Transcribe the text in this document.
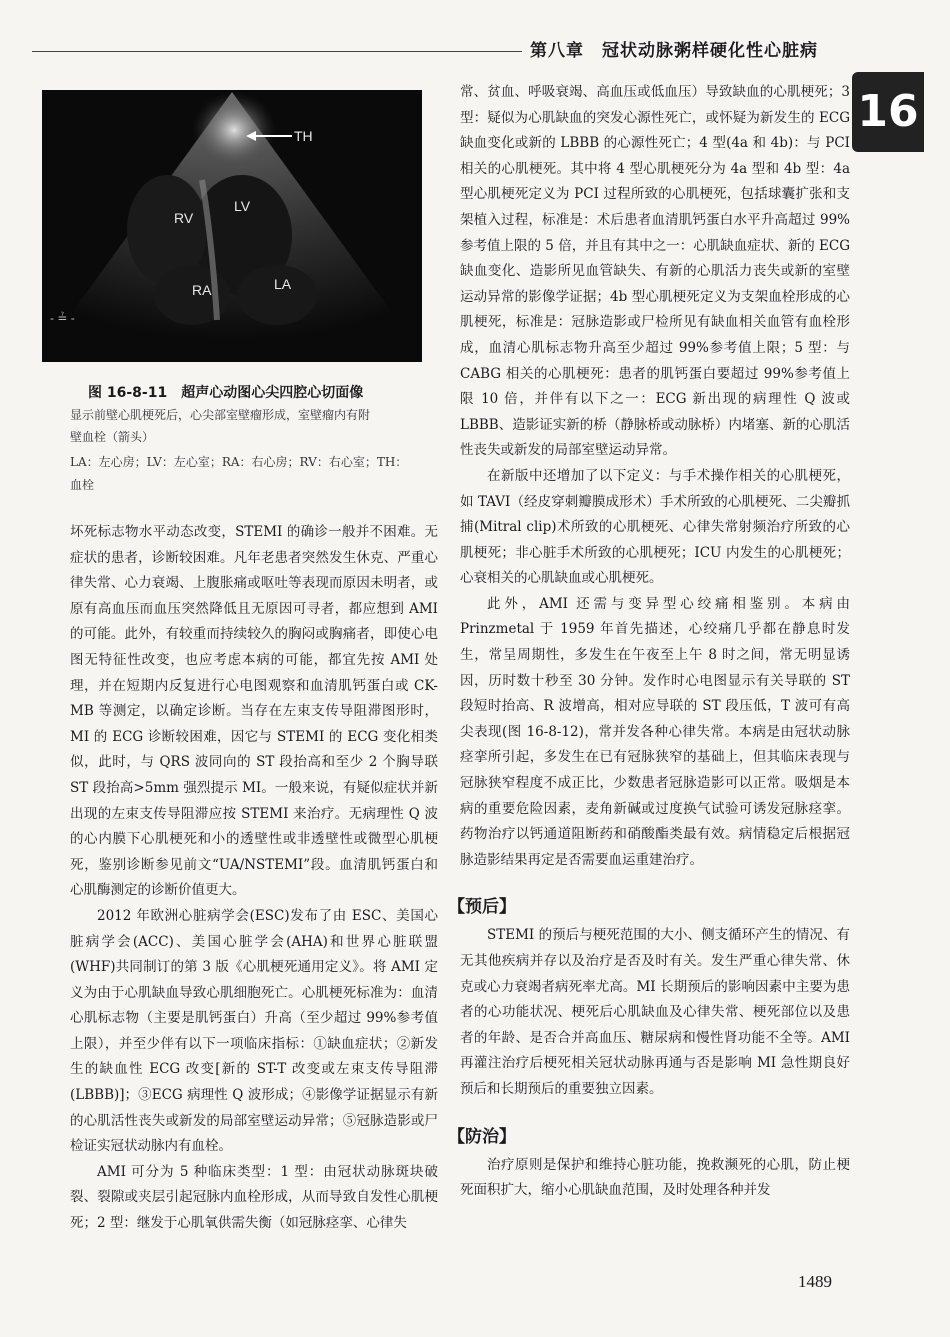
第八章　冠状动脉粥样硬化性心脏病
16
- ≟ -
TH
LV
RV
RA	LA
图 16-8-11　超声心动图心尖四腔心切面像
显示前壁心肌梗死后，心尖部室壁瘤形成，室壁瘤内有附
壁血栓（箭头）
LA：左心房；LV：左心室；RA：右心房；RV：右心室；TH：
血栓

坏死标志物水平动态改变，STEMI 的确诊一般并不困难。无症状的患者，诊断较困难。凡年老患者突然发生休克、严重心律失常、心力衰竭、上腹胀痛或呕吐等表现而原因未明者，或原有高血压而血压突然降低且无原因可寻者，都应想到 AMI 的可能。此外，有较重而持续较久的胸闷或胸痛者，即使心电图无特征性改变，也应考虑本病的可能，都宜先按 AMI 处理，并在短期内反复进行心电图观察和血清肌钙蛋白或 CK-MB 等测定，以确定诊断。当存在左束支传导阻滞图形时，MI 的 ECG 诊断较困难，因它与 STEMI 的 ECG 变化相类似，此时，与 QRS 波同向的 ST 段抬高和至少 2 个胸导联 ST 段抬高>5mm 强烈提示 MI。一般来说，有疑似症状并新出现的左束支传导阻滞应按 STEMI 来治疗。无病理性 Q 波的心内膜下心肌梗死和小的透壁性或非透壁性或微型心肌梗死，鉴别诊断参见前文“UA/NSTEMI”段。血清肌钙蛋白和心肌酶测定的诊断价值更大。

2012 年欧洲心脏病学会(ESC)发布了由 ESC、美国心脏病学会(ACC)、美国心脏学会(AHA)和世界心脏联盟(WHF)共同制订的第 3 版《心肌梗死通用定义》。将 AMI 定义为由于心肌缺血导致心肌细胞死亡。心肌梗死标准为：血清心肌标志物（主要是肌钙蛋白）升高（至少超过 99%参考值上限），并至少伴有以下一项临床指标：①缺血症状；②新发生的缺血性 ECG 改变[新的 ST-T 改变或左束支传导阻滞(LBBB)]；③ECG 病理性 Q 波形成；④影像学证据显示有新的心肌活性丧失或新发的局部室壁运动异常；⑤冠脉造影或尸检证实冠状动脉内有血栓。

AMI 可分为 5 种临床类型：1 型：由冠状动脉斑块破裂、裂隙或夹层引起冠脉内血栓形成，从而导致自发性心肌梗死；2 型：继发于心肌氧供需失衡（如冠脉痉挛、心律失

常、贫血、呼吸衰竭、高血压或低血压）导致缺血的心肌梗死；3 型：疑似为心肌缺血的突发心源性死亡，或怀疑为新发生的 ECG 缺血变化或新的 LBBB 的心源性死亡；4 型(4a 和 4b)：与 PCI 相关的心肌梗死。其中将 4 型心肌梗死分为 4a 型和 4b 型：4a 型心肌梗死定义为 PCI 过程所致的心肌梗死，包括球囊扩张和支架植入过程，标准是：术后患者血清肌钙蛋白水平升高超过 99%参考值上限的 5 倍，并且有其中之一：心肌缺血症状、新的 ECG 缺血变化、造影所见血管缺失、有新的心肌活力丧失或新的室壁运动异常的影像学证据；4b 型心肌梗死定义为支架血栓形成的心肌梗死，标准是：冠脉造影或尸检所见有缺血相关血管有血栓形成，血清心肌标志物升高至少超过 99%参考值上限；5 型：与 CABG 相关的心肌梗死：患者的肌钙蛋白要超过 99%参考值上限 10 倍，并伴有以下之一：ECG 新出现的病理性 Q 波或 LBBB、造影证实新的桥（静脉桥或动脉桥）内堵塞、新的心肌活性丧失或新发的局部室壁运动异常。

在新版中还增加了以下定义：与手术操作相关的心肌梗死，如 TAVI（经皮穿刺瓣膜成形术）手术所致的心肌梗死、二尖瓣抓捕(Mitral clip)术所致的心肌梗死、心律失常射频治疗所致的心肌梗死；非心脏手术所致的心肌梗死；ICU 内发生的心肌梗死；心衰相关的心肌缺血或心肌梗死。

此外，AMI 还需与变异型心绞痛相鉴别。本病由 Prinzmetal 于 1959 年首先描述，心绞痛几乎都在静息时发生，常呈周期性，多发生在午夜至上午 8 时之间，常无明显诱因，历时数十秒至 30 分钟。发作时心电图显示有关导联的 ST 段短时抬高、R 波增高，相对应导联的 ST 段压低，T 波可有高尖表现(图 16-8-12)，常并发各种心律失常。本病是由冠状动脉痉挛所引起，多发生在已有冠脉狭窄的基础上，但其临床表现与冠脉狭窄程度不成正比，少数患者冠脉造影可以正常。吸烟是本病的重要危险因素，麦角新碱或过度换气试验可诱发冠脉痉挛。药物治疗以钙通道阻断药和硝酸酯类最有效。病情稳定后根据冠脉造影结果再定是否需要血运重建治疗。

【预后】

STEMI 的预后与梗死范围的大小、侧支循环产生的情况、有无其他疾病并存以及治疗是否及时有关。发生严重心律失常、休克或心力衰竭者病死率尤高。MI 长期预后的影响因素中主要为患者的心功能状况、梗死后心肌缺血及心律失常、梗死部位以及患者的年龄、是否合并高血压、糖尿病和慢性肾功能不全等。AMI 再灌注治疗后梗死相关冠状动脉再通与否是影响 MI 急性期良好预后和长期预后的重要独立因素。

【防治】

治疗原则是保护和维持心脏功能，挽救濒死的心肌，防止梗死面积扩大，缩小心肌缺血范围，及时处理各种并发

1489
